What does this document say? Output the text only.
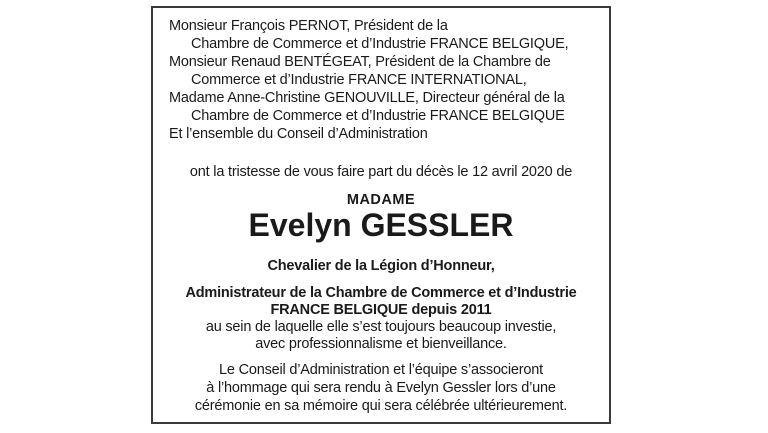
Monsieur François PERNOT, Président de la
Chambre de Commerce et d’Industrie FRANCE BELGIQUE,
Monsieur Renaud BENTÉGEAT, Président de la Chambre de
Commerce et d’Industrie FRANCE INTERNATIONAL,
Madame Anne-Christine GENOUVILLE, Directeur général de la
Chambre de Commerce et d’Industrie FRANCE BELGIQUE
Et l’ensemble du Conseil d’Administration
ont la tristesse de vous faire part du décès le 12 avril 2020 de
MADAME
Evelyn GESSLER
Chevalier de la Légion d’Honneur,
Administrateur de la Chambre de Commerce et d’Industrie
FRANCE BELGIQUE depuis 2011
au sein de laquelle elle s’est toujours beaucoup investie,
avec professionnalisme et bienveillance.
Le Conseil d’Administration et l’équipe s’associeront
à l’hommage qui sera rendu à Evelyn Gessler lors d’une
cérémonie en sa mémoire qui sera célébrée ultérieurement.
